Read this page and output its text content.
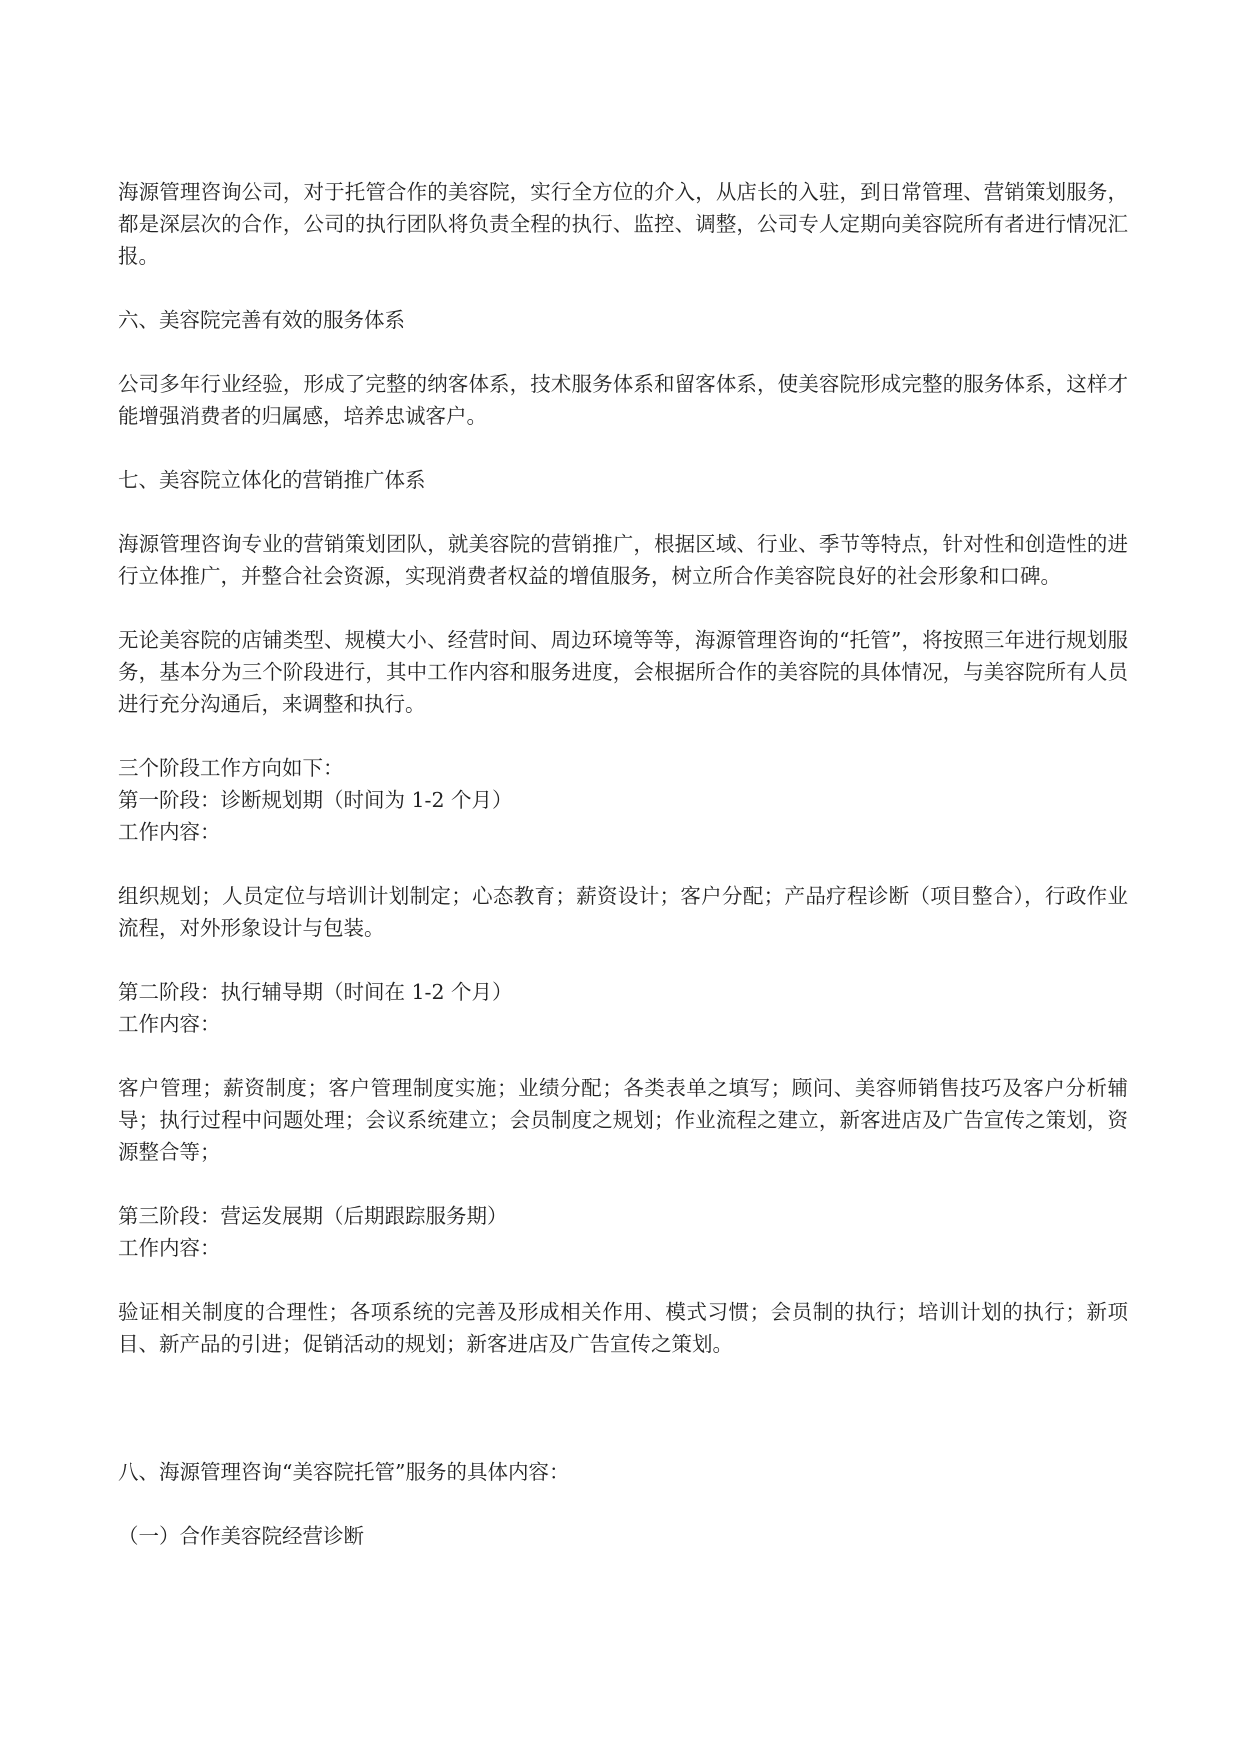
海源管理咨询公司，对于托管合作的美容院，实行全方位的介入，从店长的入驻，到日常管理、营销策划服务，都是深层次的合作，公司的执行团队将负责全程的执行、监控、调整，公司专人定期向美容院所有者进行情况汇报。

六、美容院完善有效的服务体系

公司多年行业经验，形成了完整的纳客体系，技术服务体系和留客体系，使美容院形成完整的服务体系，这样才能增强消费者的归属感，培养忠诚客户。

七、美容院立体化的营销推广体系

海源管理咨询专业的营销策划团队，就美容院的营销推广，根据区域、行业、季节等特点，针对性和创造性的进行立体推广，并整合社会资源，实现消费者权益的增值服务，树立所合作美容院良好的社会形象和口碑。

无论美容院的店铺类型、规模大小、经营时间、周边环境等等，海源管理咨询的“托管”，将按照三年进行规划服务，基本分为三个阶段进行，其中工作内容和服务进度，会根据所合作的美容院的具体情况，与美容院所有人员进行充分沟通后，来调整和执行。

三个阶段工作方向如下：

第一阶段：诊断规划期（时间为 1-2 个月）

工作内容：

组织规划；人员定位与培训计划制定；心态教育；薪资设计；客户分配；产品疗程诊断（项目整合），行政作业流程，对外形象设计与包装。

第二阶段：执行辅导期（时间在 1-2 个月）

工作内容：

客户管理；薪资制度；客户管理制度实施；业绩分配；各类表单之填写；顾问、美容师销售技巧及客户分析辅导；执行过程中问题处理；会议系统建立；会员制度之规划；作业流程之建立，新客进店及广告宣传之策划，资源整合等；

第三阶段：营运发展期（后期跟踪服务期）

工作内容：

验证相关制度的合理性；各项系统的完善及形成相关作用、模式习惯；会员制的执行；培训计划的执行；新项目、新产品的引进；促销活动的规划；新客进店及广告宣传之策划。

八、海源管理咨询“美容院托管”服务的具体内容：

（一）合作美容院经营诊断
